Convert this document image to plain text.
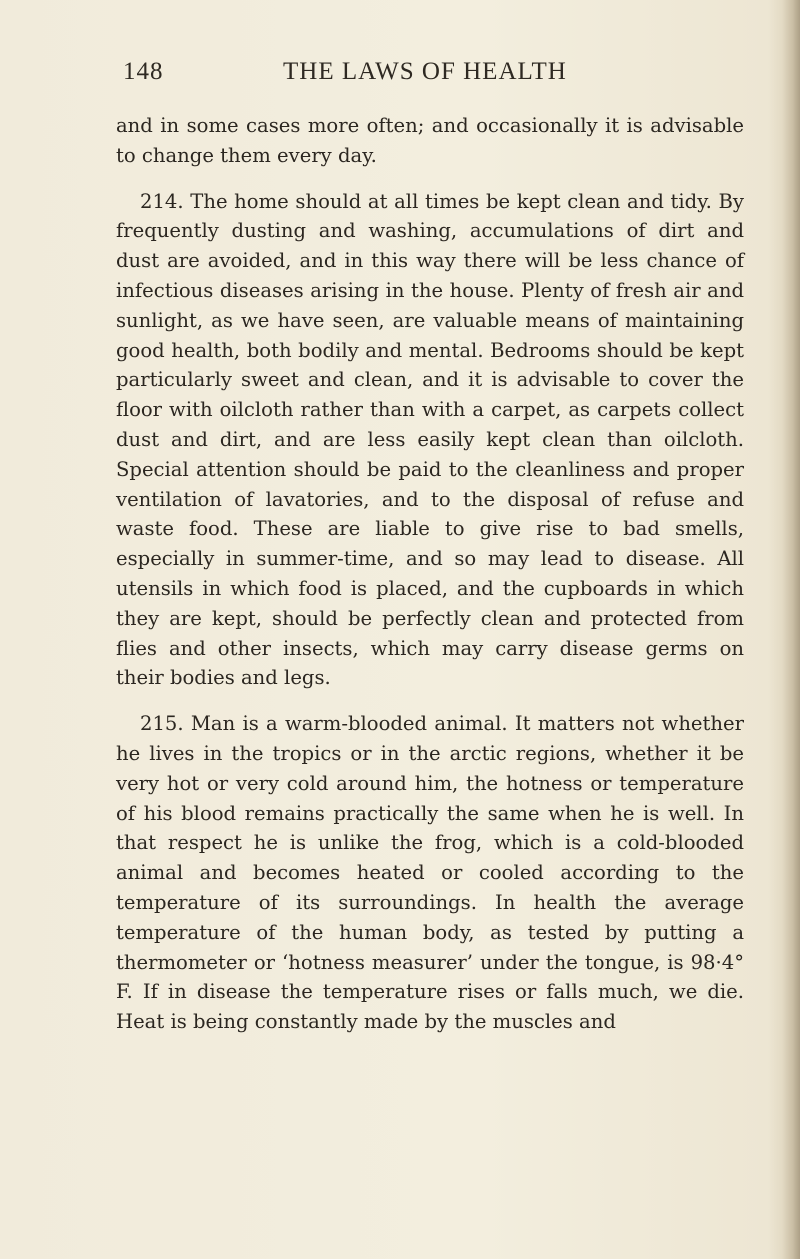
148	THE LAWS OF HEALTH

and in some cases more often; and occasionally it is advisable to change them every day.

214. The home should at all times be kept clean and tidy. By frequently dusting and washing, accumulations of dirt and dust are avoided, and in this way there will be less chance of infectious diseases arising in the house. Plenty of fresh air and sunlight, as we have seen, are valuable means of maintaining good health, both bodily and mental. Bedrooms should be kept particularly sweet and clean, and it is advisable to cover the floor with oilcloth rather than with a carpet, as carpets collect dust and dirt, and are less easily kept clean than oilcloth. Special attention should be paid to the cleanliness and proper ventilation of lavatories, and to the disposal of refuse and waste food. These are liable to give rise to bad smells, especially in summer-time, and so may lead to disease. All utensils in which food is placed, and the cupboards in which they are kept, should be perfectly clean and protected from flies and other insects, which may carry disease germs on their bodies and legs.

215. Man is a warm-blooded animal. It matters not whether he lives in the tropics or in the arctic regions, whether it be very hot or very cold around him, the hotness or temperature of his blood remains practically the same when he is well. In that respect he is unlike the frog, which is a cold-blooded animal and becomes heated or cooled according to the temperature of its surroundings. In health the average temperature of the human body, as tested by putting a thermometer or ‘hotness measurer’ under the tongue, is 98·4° F. If in disease the temperature rises or falls much, we die. Heat is being constantly made by the muscles and
